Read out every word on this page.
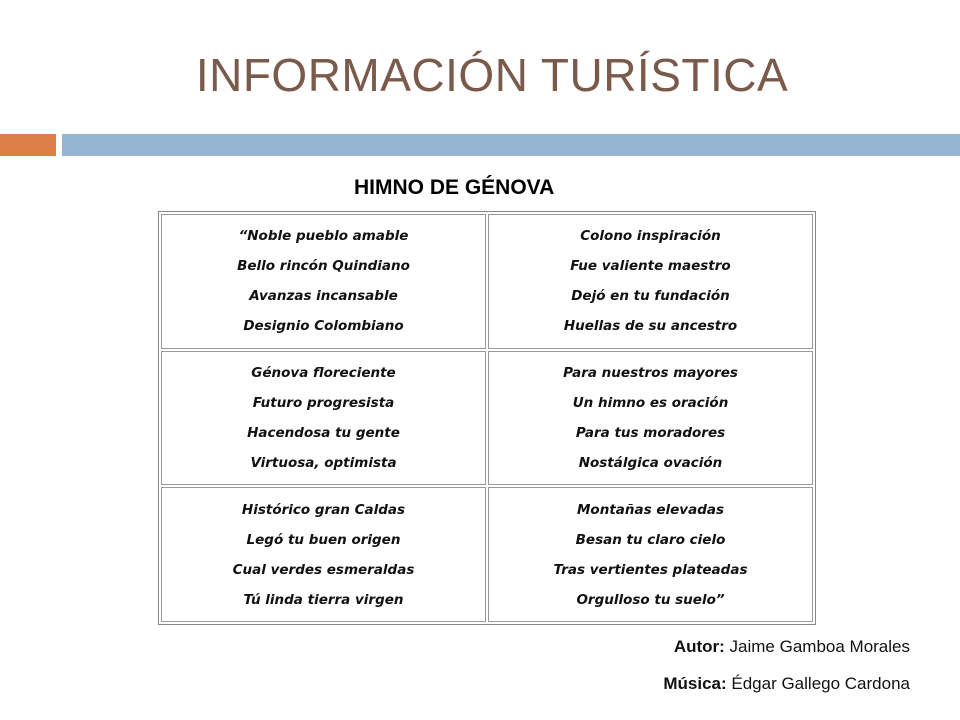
INFORMACIÓN TURÍSTICA
HIMNO DE GÉNOVA
“Noble pueblo amable
Bello rincón Quindiano
Avanzas incansable
Designio Colombiano
Colono inspiración
Fue valiente maestro
Dejó en tu fundación
Huellas de su ancestro
Génova floreciente
Futuro progresista
Hacendosa tu gente
Virtuosa, optimista
Para nuestros mayores
Un himno es oración
Para tus moradores
Nostálgica ovación
Histórico gran Caldas
Legó tu buen origen
Cual verdes esmeraldas
Tú linda tierra virgen
Montañas elevadas
Besan tu claro cielo
Tras vertientes plateadas
Orgulloso tu suelo”
Autor: Jaime Gamboa Morales
Música: Édgar Gallego Cardona
